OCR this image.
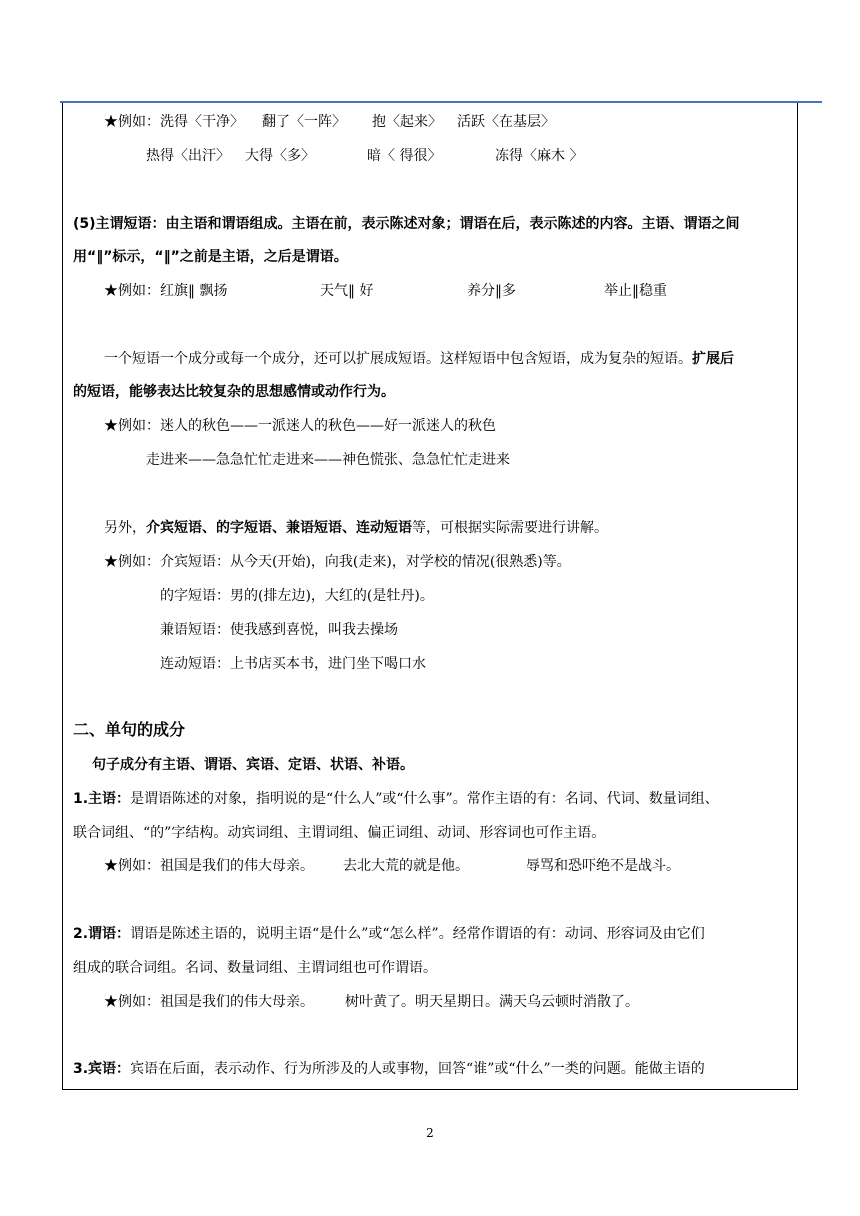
★例如： 洗得〈干净〉 翻了〈一阵〉 抱〈起来〉 活跃〈在基层〉
热得〈出汗〉 大得〈多〉	暗〈 得很〉	冻得〈麻木 〉
(5)主谓短语：由主语和谓语组成。主语在前，表示陈述对象；谓语在后，表示陈述的内容。主语、谓语之间
用“‖”标示，“‖”之前是主语，之后是谓语。
★例如： 红旗‖ 飘扬	天气‖ 好	养分‖多	举止‖稳重
一个短语一个成分或每一个成分，还可以扩展成短语。这样短语中包含短语，成为复杂的短语。扩展后
的短语，能够表达比较复杂的思想感情或动作行为。
★例如：迷人的秋色——一派迷人的秋色——好一派迷人的秋色
走进来——急急忙忙走进来——神色慌张、急急忙忙走进来
另外，介宾短语、的字短语、兼语短语、连动短语等，可根据实际需要进行讲解。
★例如： 介宾短语：从今天(开始)，向我(走来)，对学校的情况(很熟悉)等。
的字短语：男的(排左边)，大红的(是牡丹)。
兼语短语：使我感到喜悦，叫我去操场
连动短语：上书店买本书，进门坐下喝口水
二、单句的成分
句子成分有主语、谓语、宾语、定语、状语、补语。
1.主语：是谓语陈述的对象，指明说的是“什么人”或“什么事”。常作主语的有：名词、代词、数量词组、
联合词组、“的”字结构。动宾词组、主谓词组、偏正词组、动词、形容词也可作主语。
★例如： 祖国是我们的伟大母亲。 去北大荒的就是他。	辱骂和恐吓绝不是战斗。
2.谓语：谓语是陈述主语的，说明主语“是什么”或“怎么样”。经常作谓语的有：动词、形容词及由它们
组成的联合词组。名词、数量词组、主谓词组也可作谓语。
★例如： 祖国是我们的伟大母亲。 树叶黄了。明天星期日。满天乌云顿时消散了。
3.宾语：宾语在后面，表示动作、行为所涉及的人或事物，回答“谁”或“什么”一类的问题。能做主语的
2
